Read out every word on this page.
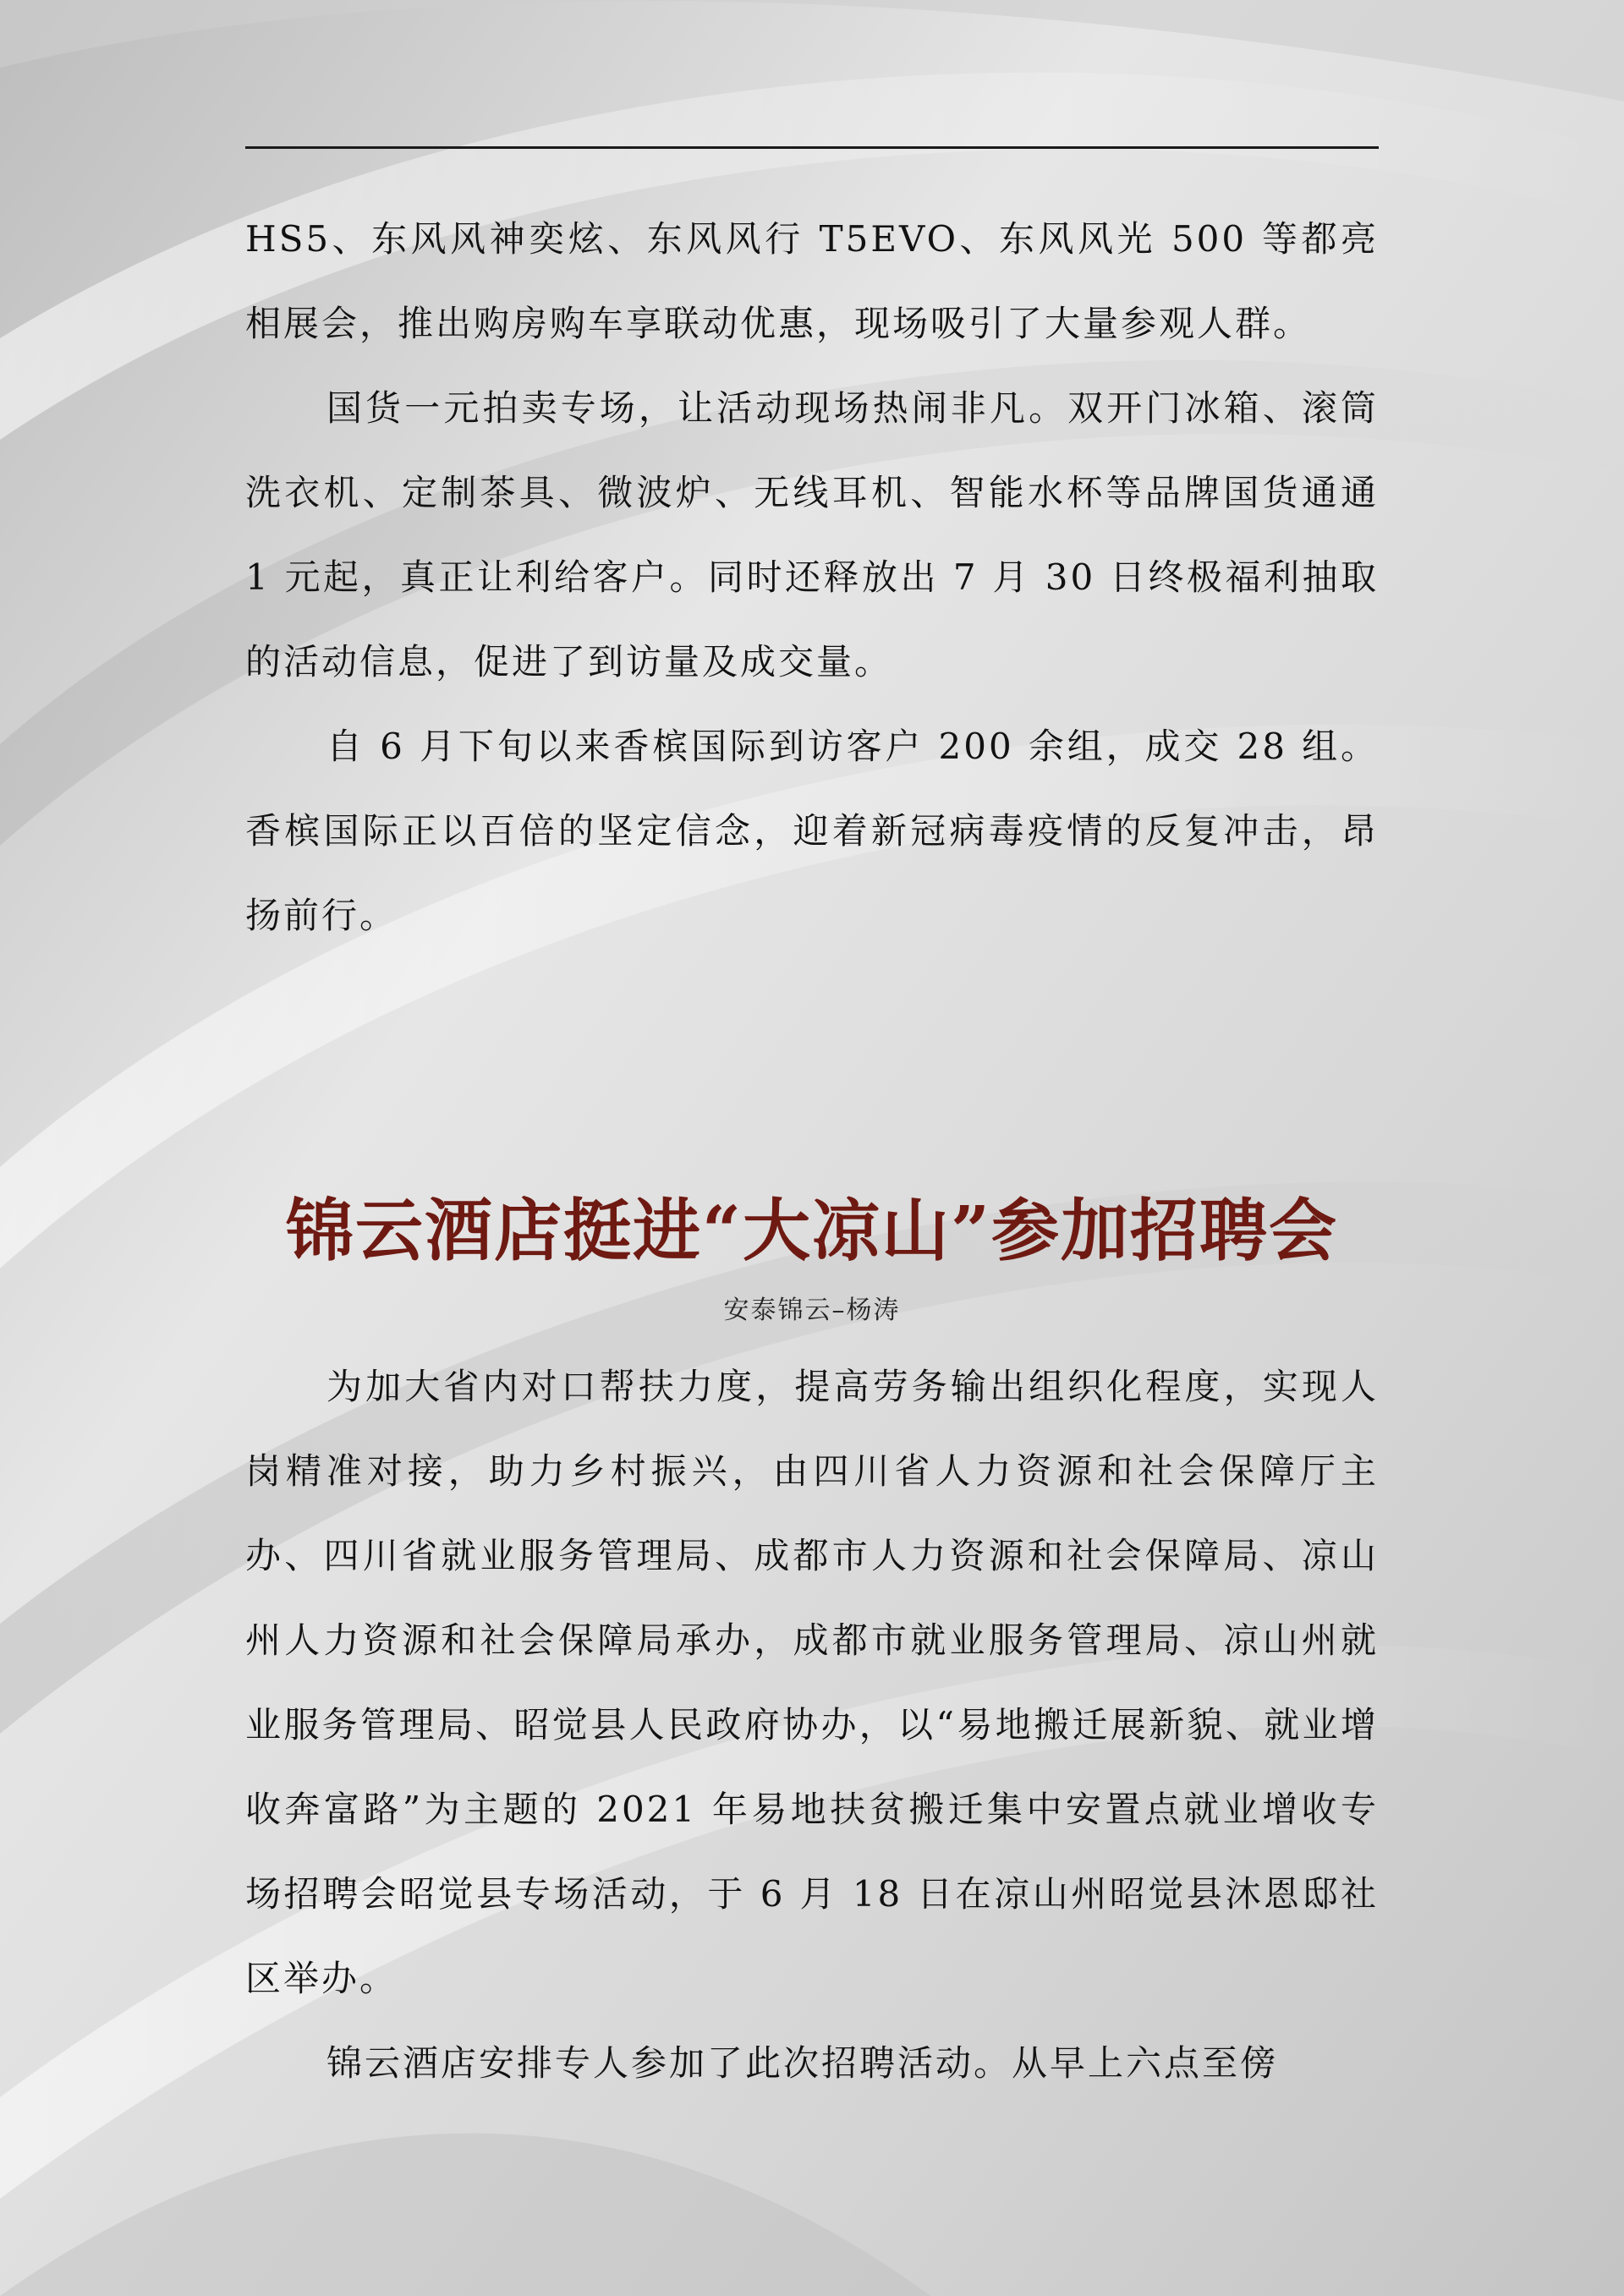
HS5、东风风神奕炫、东风风行 T5EVO、东风风光 500 等都亮相展会，推出购房购车享联动优惠，现场吸引了大量参观人群。

国货一元拍卖专场，让活动现场热闹非凡。双开门冰箱、滚筒洗衣机、定制茶具、微波炉、无线耳机、智能水杯等品牌国货通通 1 元起，真正让利给客户。同时还释放出 7 月 30 日终极福利抽取的活动信息，促进了到访量及成交量。

自 6 月下旬以来香槟国际到访客户 200 余组，成交 28 组。香槟国际正以百倍的坚定信念，迎着新冠病毒疫情的反复冲击，昂扬前行。

锦云酒店挺进“大凉山”参加招聘会
安泰锦云–杨涛

为加大省内对口帮扶力度，提高劳务输出组织化程度，实现人岗精准对接，助力乡村振兴，由四川省人力资源和社会保障厅主办、四川省就业服务管理局、成都市人力资源和社会保障局、凉山州人力资源和社会保障局承办，成都市就业服务管理局、凉山州就业服务管理局、昭觉县人民政府协办，以“易地搬迁展新貌、就业增收奔富路”为主题的 2021 年易地扶贫搬迁集中安置点就业增收专场招聘会昭觉县专场活动，于 6 月 18 日在凉山州昭觉县沐恩邸社区举办。

锦云酒店安排专人参加了此次招聘活动。从早上六点至傍
